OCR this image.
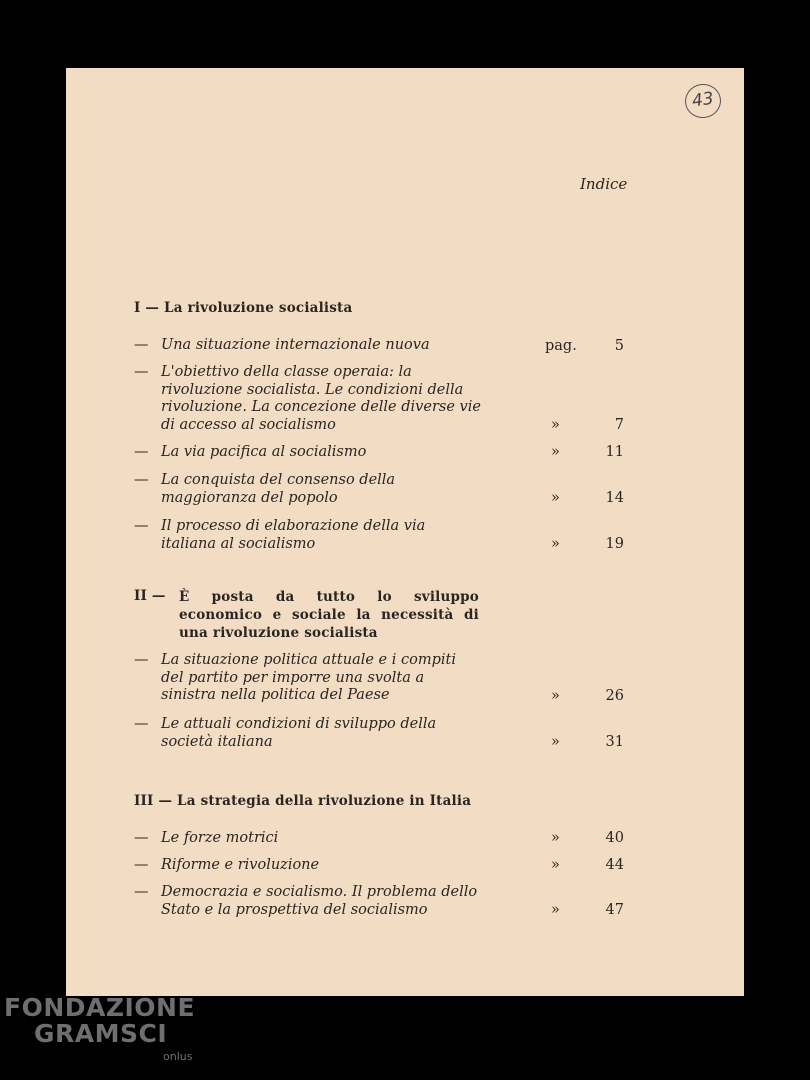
43
Indice
I — La rivoluzione socialista
— Una situazione internazionale nuova	pag.	5
— L'obiettivo della classe operaia: la rivoluzione socialista. Le condizioni della rivoluzione. La concezione delle diverse vie di accesso al socialismo	»	7
— La via pacifica al socialismo	»	11
— La conquista del consenso della maggioranza del popolo	»	14
— Il processo di elaborazione della via italiana al socialismo	»	19
II — È posta da tutto lo sviluppo economico e sociale la necessità di una rivoluzione socialista
— La situazione politica attuale e i compiti del partito per imporre una svolta a sinistra nella politica del Paese	»	26
— Le attuali condizioni di sviluppo della società italiana	»	31
III — La strategia della rivoluzione in Italia
— Le forze motrici	»	40
— Riforme e rivoluzione	»	44
— Democrazia e socialismo. Il problema dello Stato e la prospettiva del socialismo	»	47
FONDAZIONE
GRAMSCI
onlus
